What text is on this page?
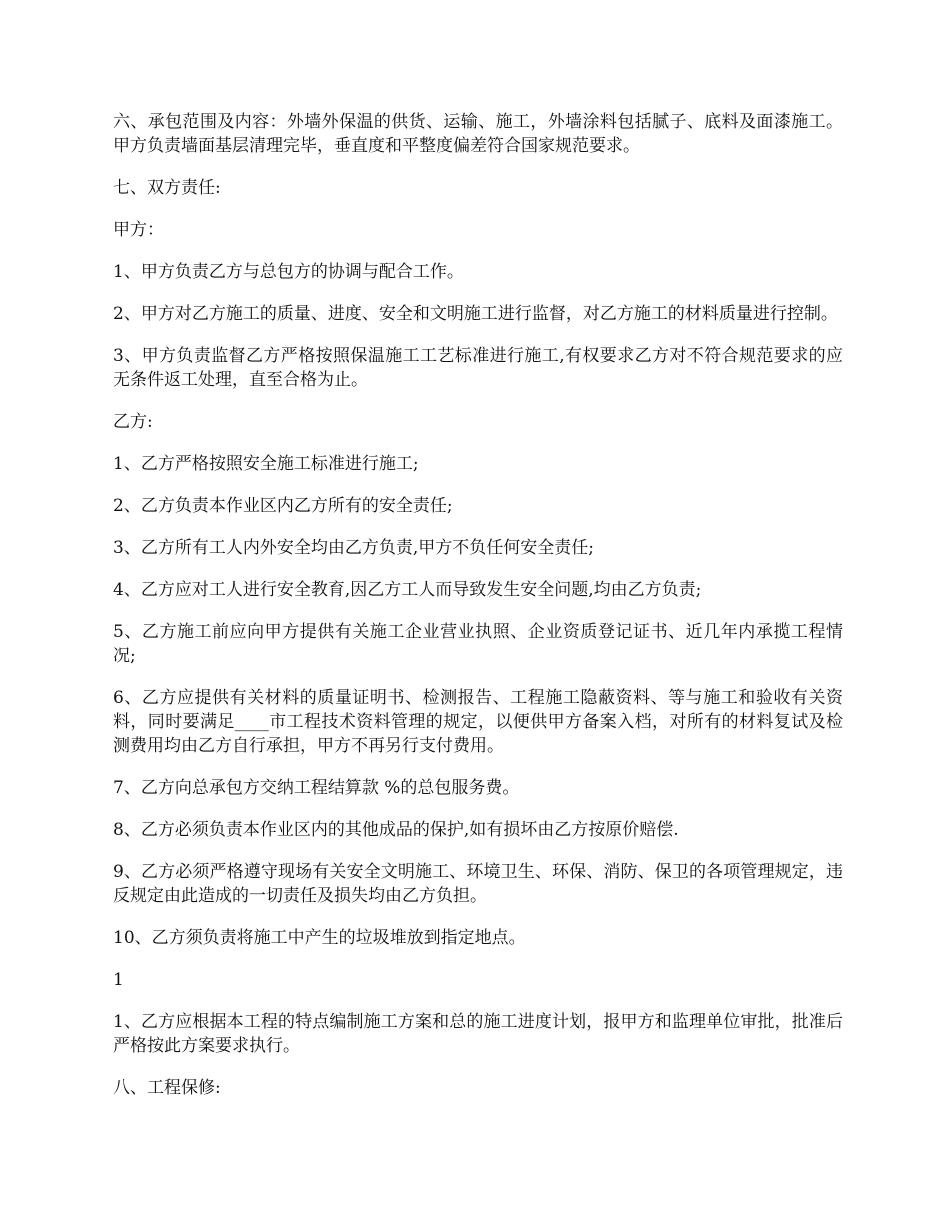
六、承包范围及内容：外墙外保温的供货、运输、施工，外墙涂料包括腻子、底料及面漆施工。甲方负责墙面基层清理完毕，垂直度和平整度偏差符合国家规范要求。

七、双方责任:

甲方：

1、甲方负责乙方与总包方的协调与配合工作。

2、甲方对乙方施工的质量、进度、安全和文明施工进行监督，对乙方施工的材料质量进行控制。

3、甲方负责监督乙方严格按照保温施工工艺标准进行施工,有权要求乙方对不符合规范要求的应无条件返工处理，直至合格为止。

乙方:

1、乙方严格按照安全施工标准进行施工;

2、乙方负责本作业区内乙方所有的安全责任;

3、乙方所有工人内外安全均由乙方负责,甲方不负任何安全责任;

4、乙方应对工人进行安全教育,因乙方工人而导致发生安全问题,均由乙方负责;

5、乙方施工前应向甲方提供有关施工企业营业执照、企业资质登记证书、近几年内承揽工程情况;

6、乙方应提供有关材料的质量证明书、检测报告、工程施工隐蔽资料、等与施工和验收有关资料，同时要满足____市工程技术资料管理的规定，以便供甲方备案入档，对所有的材料复试及检测费用均由乙方自行承担，甲方不再另行支付费用。

7、乙方向总承包方交纳工程结算款 %的总包服务费。

8、乙方必须负责本作业区内的其他成品的保护,如有损坏由乙方按原价赔偿.

9、乙方必须严格遵守现场有关安全文明施工、环境卫生、环保、消防、保卫的各项管理规定，违反规定由此造成的一切责任及损失均由乙方负担。

10、乙方须负责将施工中产生的垃圾堆放到指定地点。

1

1、乙方应根据本工程的特点编制施工方案和总的施工进度计划，报甲方和监理单位审批，批准后严格按此方案要求执行。

八、工程保修:
